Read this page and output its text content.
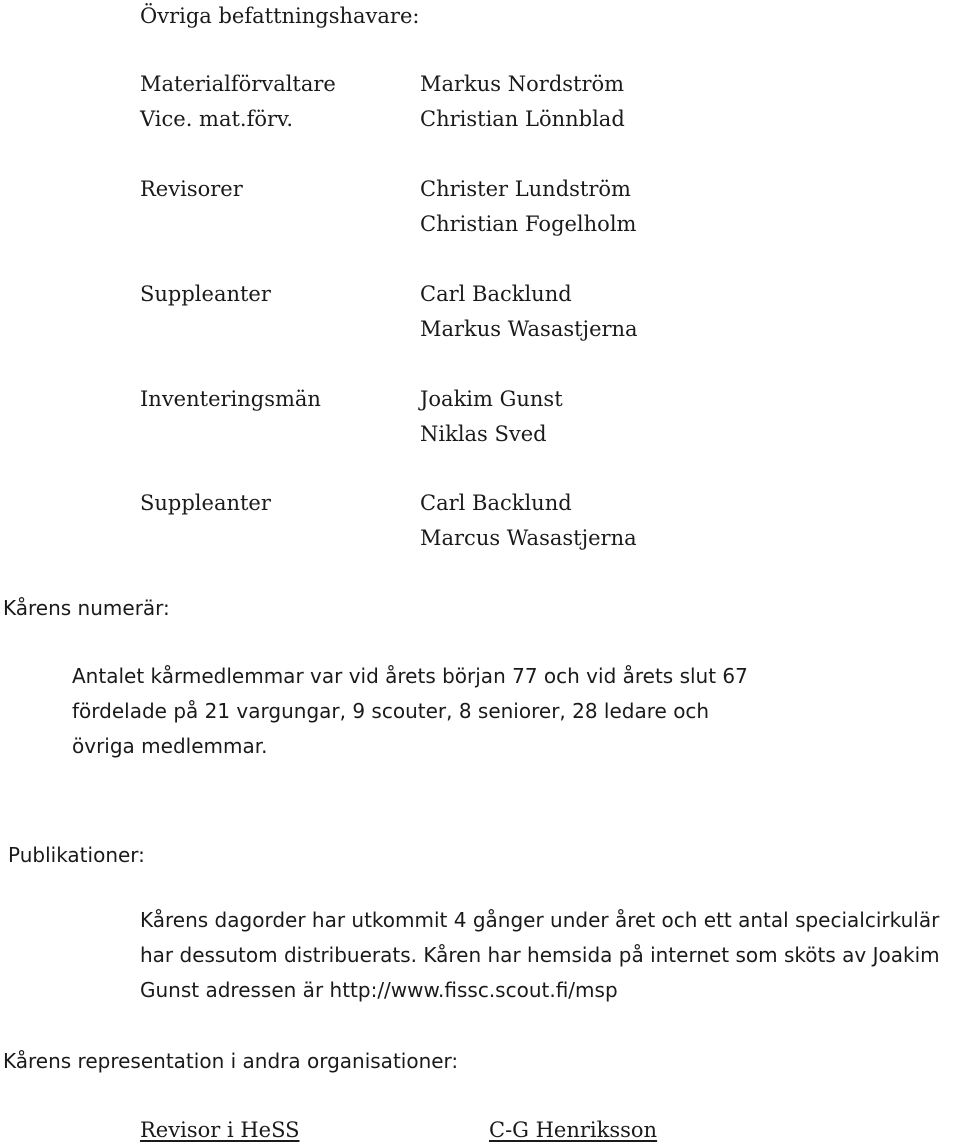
Övriga befattningshavare:
Materialförvaltare	Markus Nordström
Vice. mat.förv.	Christian Lönnblad
Revisorer	Christer Lundström
Christian Fogelholm
Suppleanter	Carl Backlund
Markus Wasastjerna
Inventeringsmän	Joakim Gunst
Niklas Sved
Suppleanter	Carl Backlund
Marcus Wasastjerna
Kårens numerär:
Antalet kårmedlemmar var vid årets början 77 och vid årets slut 67
fördelade på 21 vargungar, 9 scouter, 8 seniorer, 28 ledare och
övriga medlemmar.
Publikationer:
Kårens dagorder har utkommit 4 gånger under året och ett antal specialcirkulär
har dessutom distribuerats. Kåren har hemsida på internet som sköts av Joakim
Gunst adressen är http://www.fissc.scout.fi/msp
Kårens representation i andra organisationer:
Revisor i HeSS	C-G Henriksson
